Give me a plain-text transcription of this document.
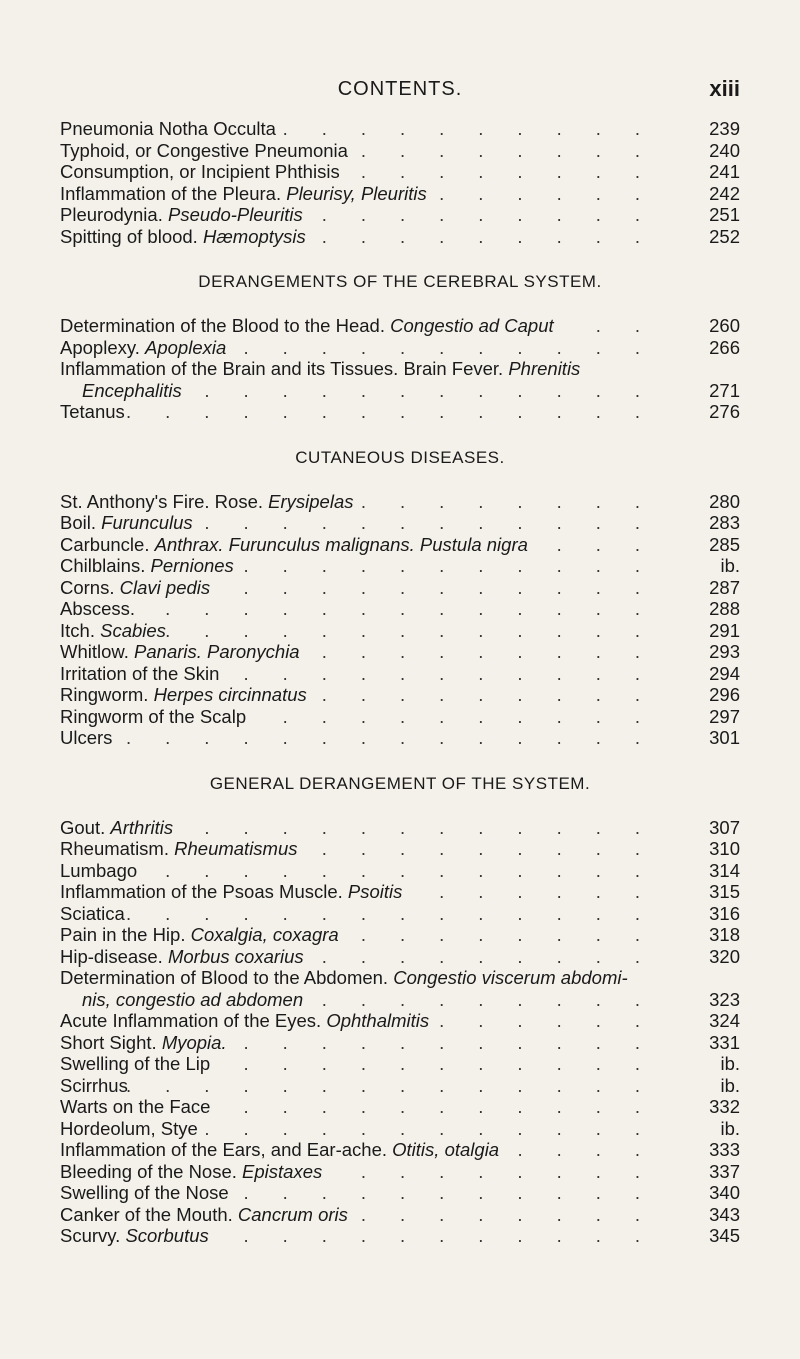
CONTENTS.	xiii
Pneumonia Notha Occulta	239
..........
Typhoid, or Congestive Pneumonia	240
........
Consumption, or Incipient Phthisis	241
........
Inflammation of the Pleura. Pleurisy, Pleuritis	242
......
Pleurodynia. Pseudo-Pleuritis	251
.........
Spitting of blood. Hæmoptysis	252
.........
DERANGEMENTS OF THE CEREBRAL SYSTEM.
Determination of the Blood to the Head. Congestio ad Caput	260
..
Apoplexy. Apoplexia	266
...........
Inflammation of the Brain and its Tissues. Brain Fever. Phrenitis
Encephalitis	271
............
Tetanus	276
..............
CUTANEOUS DISEASES.
St. Anthony's Fire. Rose. Erysipelas	280
........
Boil. Furunculus	283
............
Carbuncle. Anthrax. Furunculus malignans. Pustula nigra	285
...
Chilblains. Perniones	ib.
...........
Corns. Clavi pedis	287
...........
Abscess.	288
.............
Itch. Scabies	291
.............
Whitlow. Panaris. Paronychia	293
.........
Irritation of the Skin	294
...........
Ringworm. Herpes circinnatus	296
.........
Ringworm of the Scalp	297
..........
Ulcers	301
..............
GENERAL DERANGEMENT OF THE SYSTEM.
Gout. Arthritis	307
............
Rheumatism. Rheumatismus	310
.........
Lumbago	314
.............
Inflammation of the Psoas Muscle. Psoitis	315
......
Sciatica	316
..............
Pain in the Hip. Coxalgia, coxagra	318
........
Hip-disease. Morbus coxarius	320
.........
Determination of Blood to the Abdomen. Congestio viscerum abdomi-
nis, congestio ad abdomen	323
.........
Acute Inflammation of the Eyes. Ophthalmitis	324
......
Short Sight. Myopia.	331
...........
Swelling of the Lip	ib.
...........
Scirrhus	ib.
..............
Warts on the Face	332
...........
Hordeolum, Stye	ib.
............
Inflammation of the Ears, and Ear-ache. Otitis, otalgia	333
....
Bleeding of the Nose. Epistaxes	337
........
Swelling of the Nose	340
...........
Canker of the Mouth. Cancrum oris	343
........
Scurvy. Scorbutus	345
...........
